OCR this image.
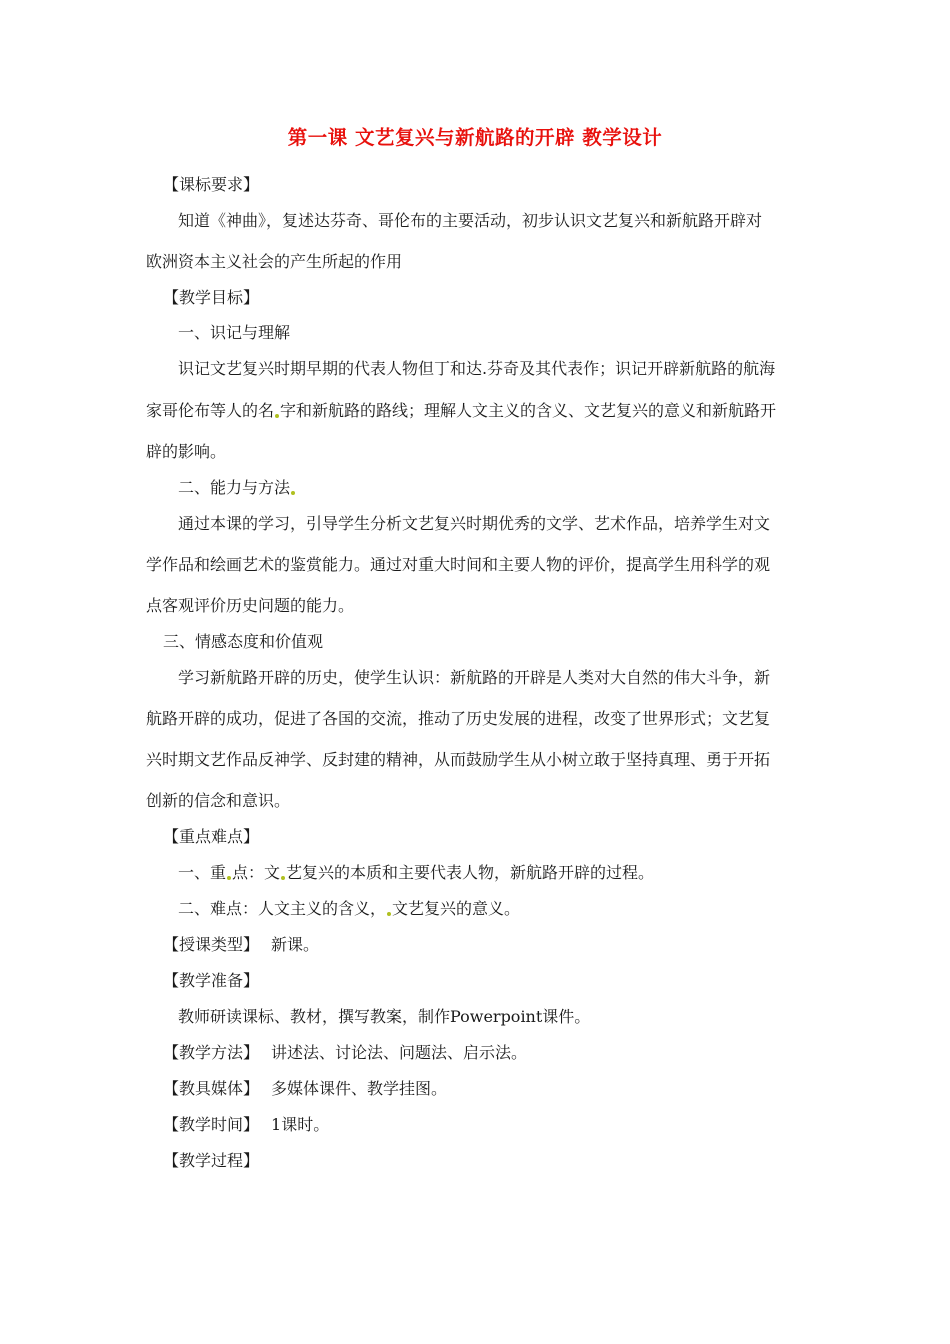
第一课 文艺复兴与新航路的开辟 教学设计
【课标要求】
知道《神曲》，复述达芬奇、哥伦布的主要活动，初步认识文艺复兴和新航路开辟对
欧洲资本主义社会的产生所起的作用
【教学目标】
一、识记与理解
识记文艺复兴时期早期的代表人物但丁和达.芬奇及其代表作；识记开辟新航路的航海
家哥伦布等人的名 字和新航路的路线；理解人文主义的含义、文艺复兴的意义和新航路开
辟的影响。
二、能力与方法
通过本课的学习，引导学生分析文艺复兴时期优秀的文学、艺术作品，培养学生对文
学作品和绘画艺术的鉴赏能力。通过对重大时间和主要人物的评价，提高学生用科学的观
点客观评价历史问题的能力。
三、情感态度和价值观
学习新航路开辟的历史，使学生认识：新航路的开辟是人类对大自然的伟大斗争，新
航路开辟的成功，促进了各国的交流，推动了历史发展的进程，改变了世界形式；文艺复
兴时期文艺作品反神学、反封建的精神，从而鼓励学生从小树立敢于坚持真理、勇于开拓
创新的信念和意识。
【重点难点】
一、重 点：文 艺复兴的本质和主要代表人物，新航路开辟的过程。
二、难点：人文主义的含义， 文艺复兴的意义。
【授课类型】 新课。
【教学准备】
教师研读课标、教材，撰写教案，制作Powerpoint课件。
【教学方法】 讲述法、讨论法、问题法、启示法。
【教具媒体】 多媒体课件、教学挂图。
【教学时间】 1课时。
【教学过程】
